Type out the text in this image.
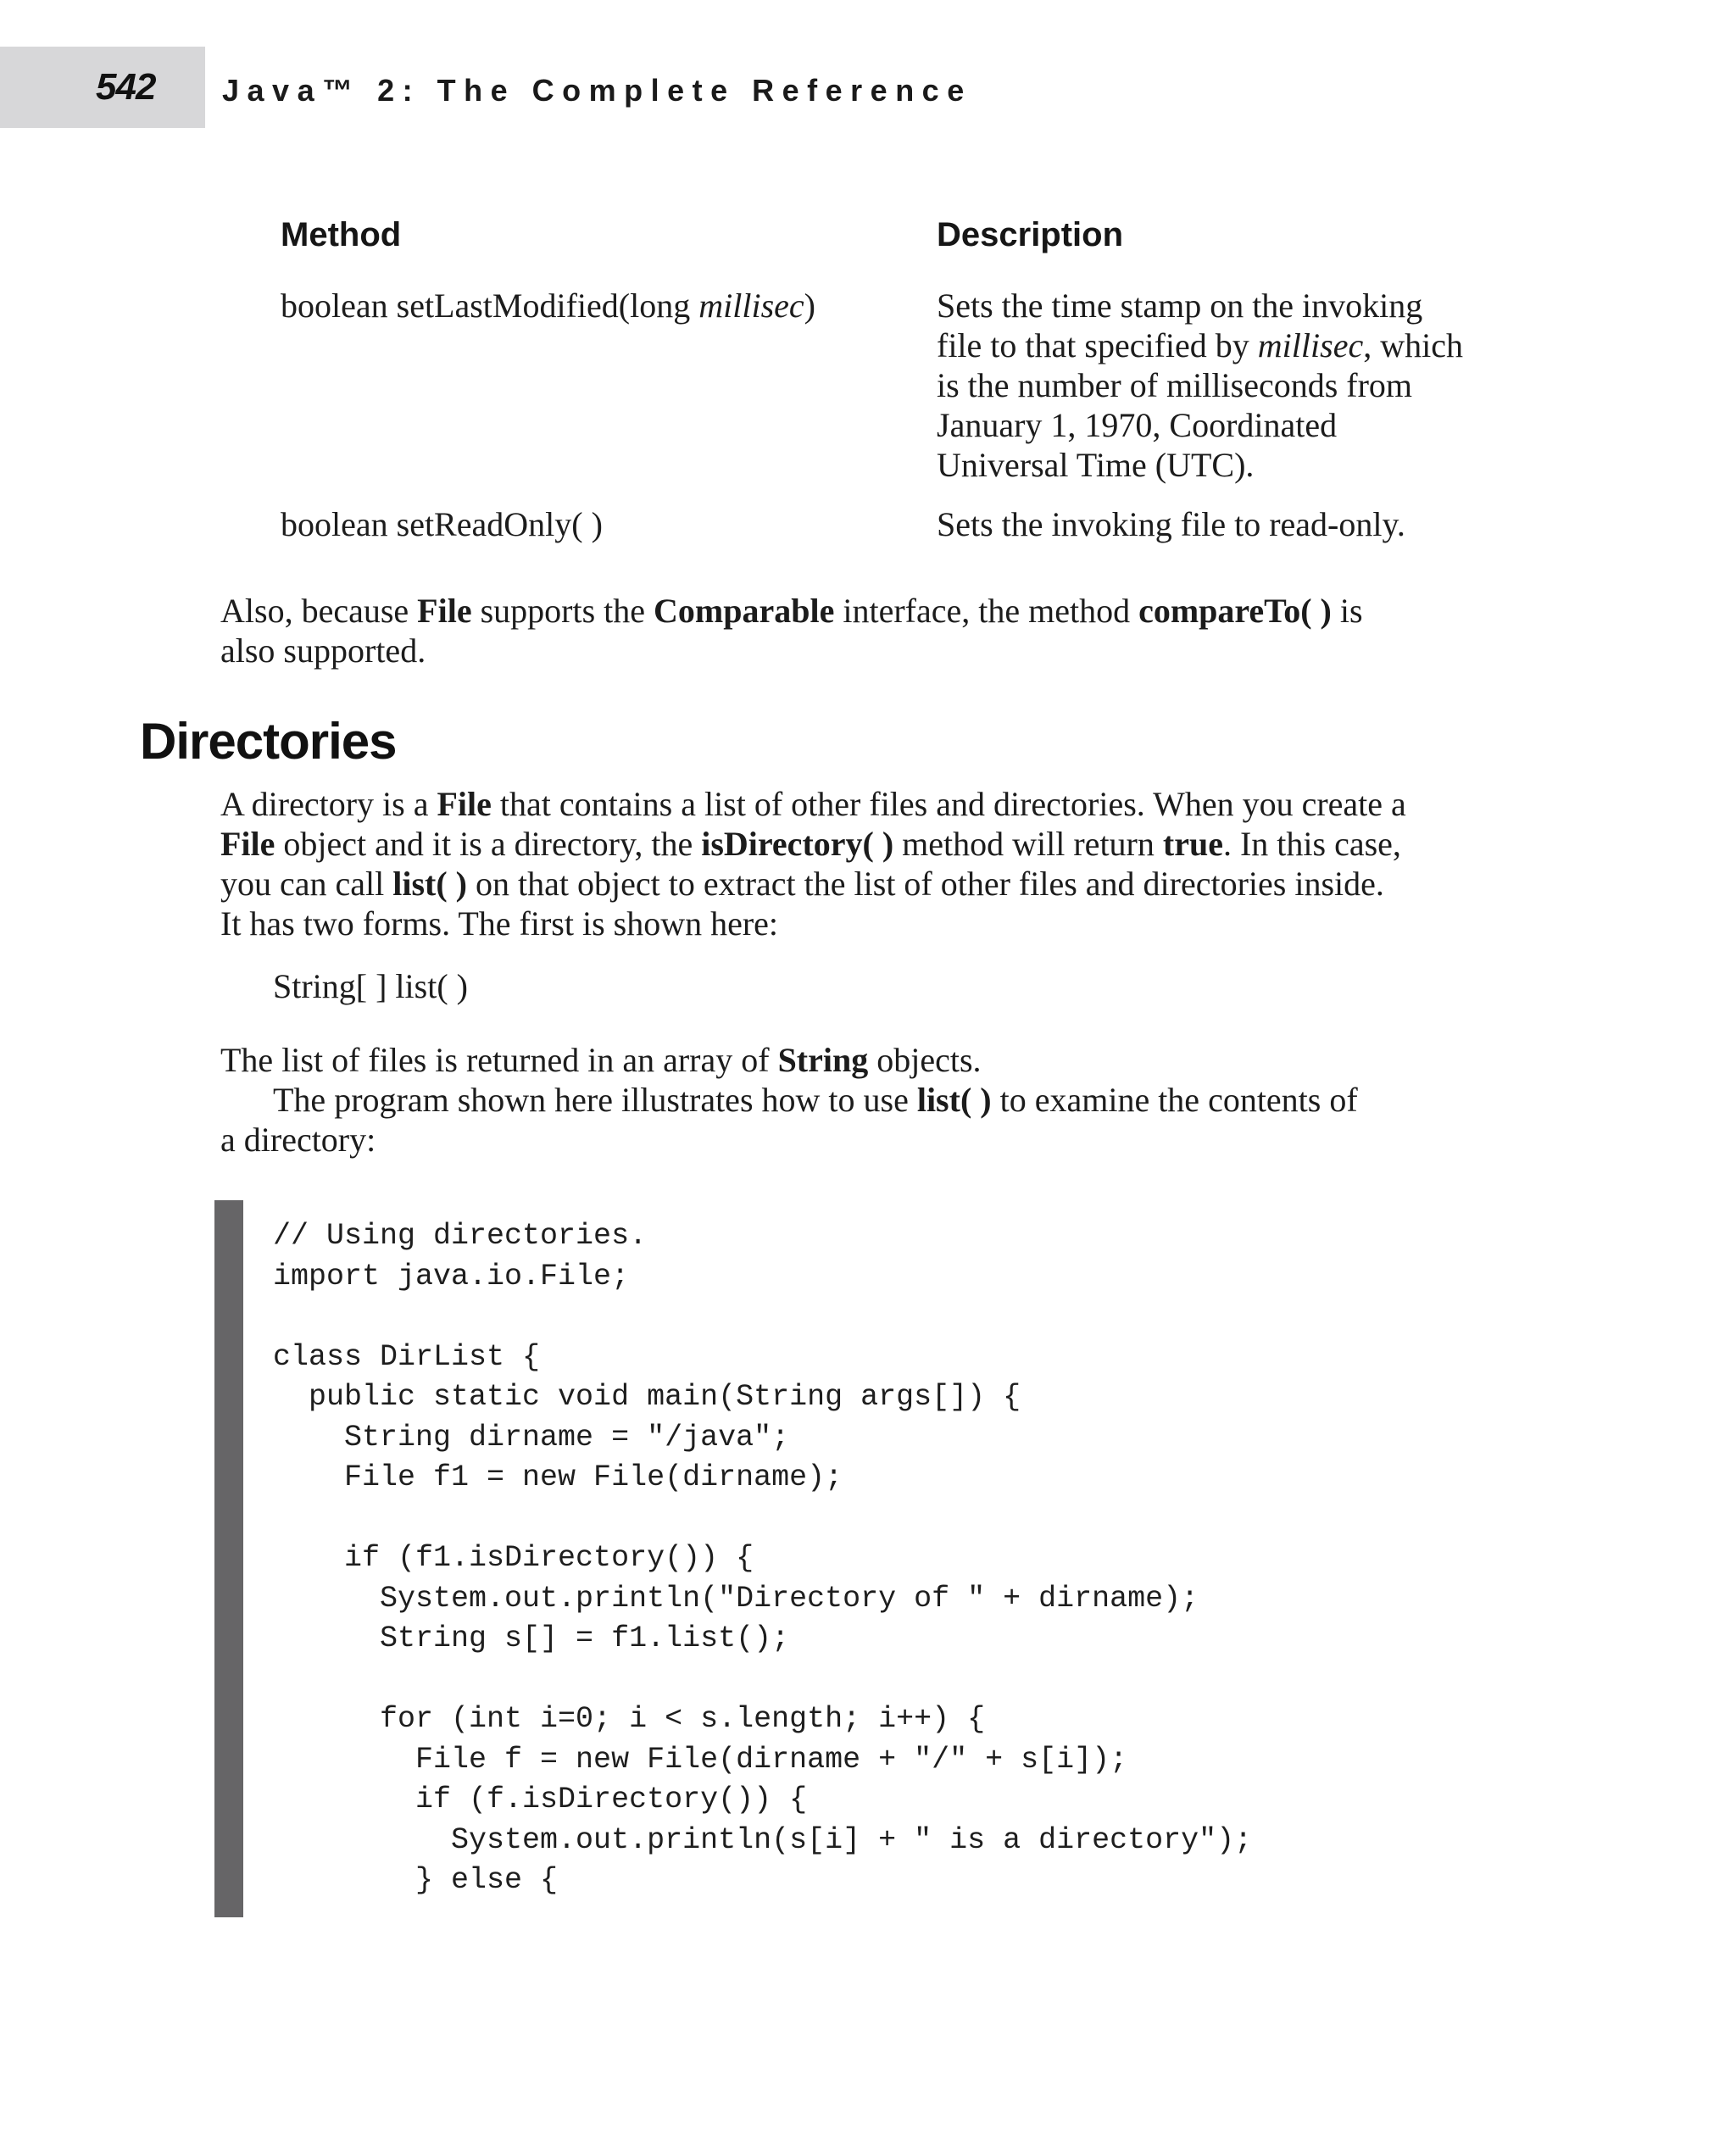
542 Java™ 2: The Complete Reference
Method	Description
boolean setLastModified(long millisec)	Sets the time stamp on the invoking
file to that specified by millisec, which
is the number of milliseconds from
January 1, 1970, Coordinated
Universal Time (UTC).
boolean setReadOnly( )	Sets the invoking file to read-only.
Also, because File supports the Comparable interface, the method compareTo( ) is
also supported.
Directories
A directory is a File that contains a list of other files and directories. When you create a
File object and it is a directory, the isDirectory( ) method will return true. In this case,
you can call list( ) on that object to extract the list of other files and directories inside.
It has two forms. The first is shown here:
String[ ] list( )
The list of files is returned in an array of String objects.
The program shown here illustrates how to use list( ) to examine the contents of
a directory:
// Using directories.
import java.io.File;
class DirList {
public static void main(String args[]) {
String dirname = "/java";
File f1 = new File(dirname);
if (f1.isDirectory()) {
System.out.println("Directory of " + dirname);
String s[] = f1.list();
for (int i=0; i < s.length; i++) {
File f = new File(dirname + "/" + s[i]);
if (f.isDirectory()) {
System.out.println(s[i] + " is a directory");
} else {
